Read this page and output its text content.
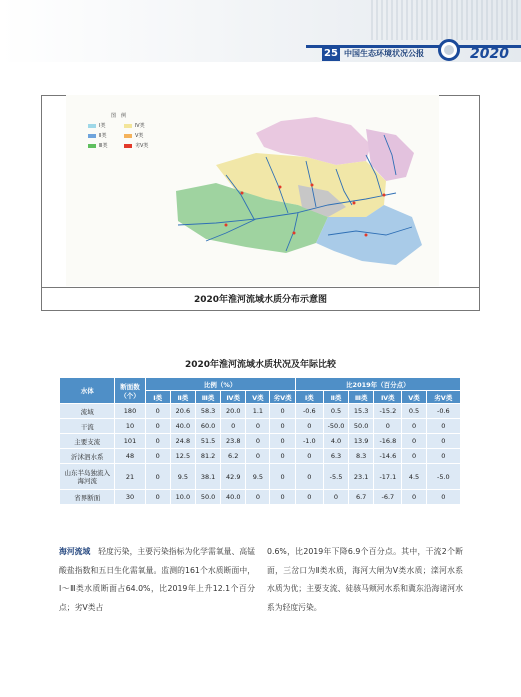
25 中国生态环境状况公报	2020
图　例
Ⅰ类	Ⅳ类
Ⅱ类	Ⅴ类
Ⅲ类	劣Ⅴ类
2020年淮河流域水质分布示意图
2020年淮河流域水质状况及年际比较
水体	断面数（个）	比例（%）						比2019年（百分点）					
		Ⅰ类	Ⅱ类	Ⅲ类	Ⅳ类	Ⅴ类	劣Ⅴ类	Ⅰ类	Ⅱ类	Ⅲ类	Ⅳ类	Ⅴ类	劣Ⅴ类
流域	180	0	20.6	58.3	20.0	1.1	0	-0.6	0.5	15.3	-15.2	0.5	-0.6
干流	10	0	40.0	60.0	0	0	0	0	-50.0	50.0	0	0	0
主要支流	101	0	24.8	51.5	23.8	0	0	-1.0	4.0	13.9	-16.8	0	0
沂沭泗水系	48	0	12.5	81.2	6.2	0	0	0	6.3	8.3	-14.6	0	0
山东半岛独流入海河流	21	0	9.5	38.1	42.9	9.5	0	0	-5.5	23.1	-17.1	4.5	-5.0
省界断面	30	0	10.0	50.0	40.0	0	0	0	0	6.7	-6.7	0	0
海河流域　轻度污染，主要污染指标为化学需氧量、高锰酸盐指数和五日生化需氧量。监测的161个水质断面中，Ⅰ～Ⅲ类水质断面占64.0%，比2019年上升12.1个百分点；劣Ⅴ类占
0.6%，比2019年下降6.9个百分点。其中，干流2个断面，三岔口为Ⅱ类水质，海河大闸为Ⅴ类水质；滦河水系水质为优；主要支流、徒骇马颊河水系和冀东沿海诸河水系为轻度污染。
